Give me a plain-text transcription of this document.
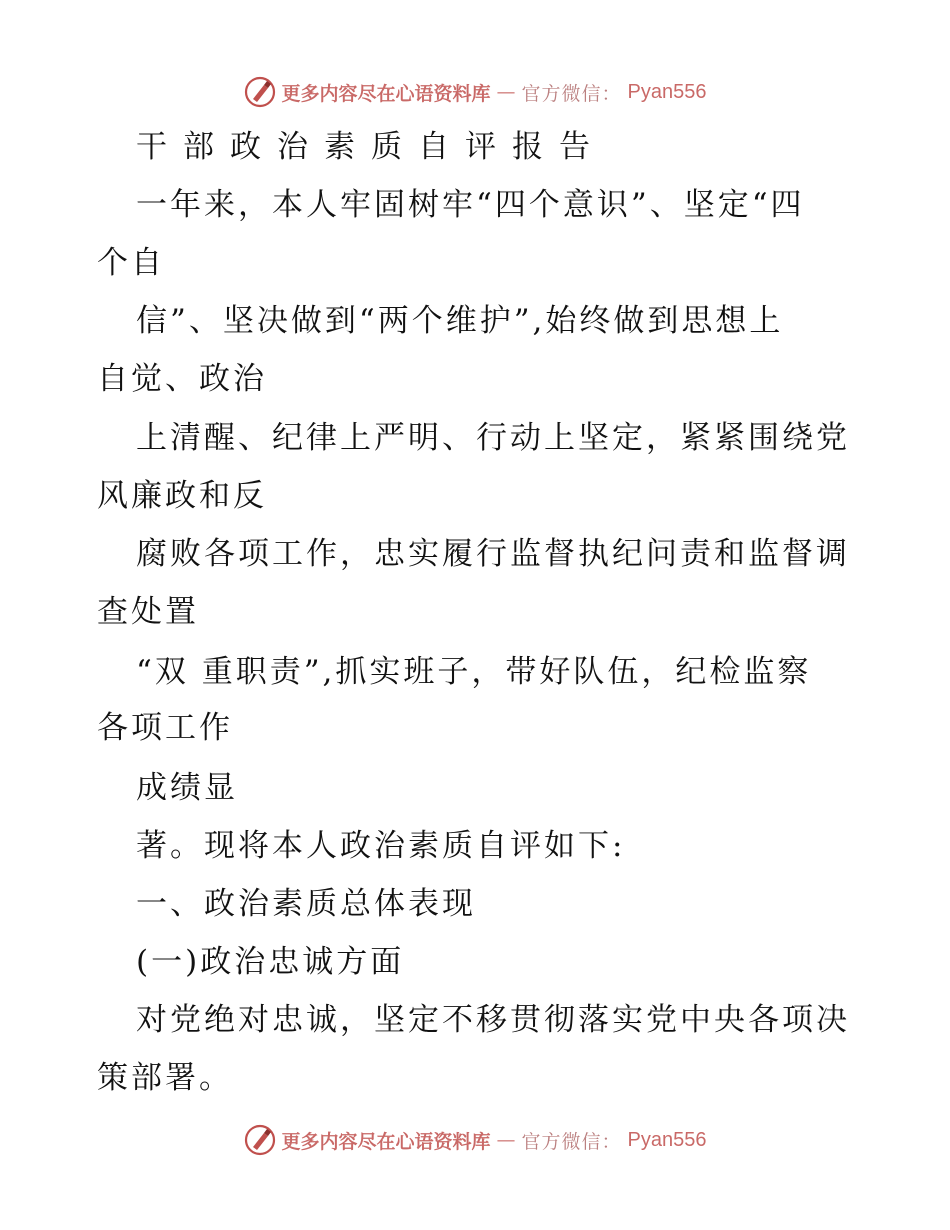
更多内容尽在心语资料库 — 官方微信： Pyan556
干部政治素质自评报告
一年来，本人牢固树牢“四个意识”、坚定“四
个自
信”、坚决做到“两个维护”,始终做到思想上
自觉、政治
上清醒、纪律上严明、行动上坚定，紧紧围绕党
风廉政和反
腐败各项工作，忠实履行监督执纪问责和监督调
查处置
“双 重职责”,抓实班子，带好队伍，纪检监察
各项工作
成绩显
著。现将本人政治素质自评如下:
一、政治素质总体表现
(一)政治忠诚方面
对党绝对忠诚，坚定不移贯彻落实党中央各项决
策部署。
更多内容尽在心语资料库 — 官方微信： Pyan556
